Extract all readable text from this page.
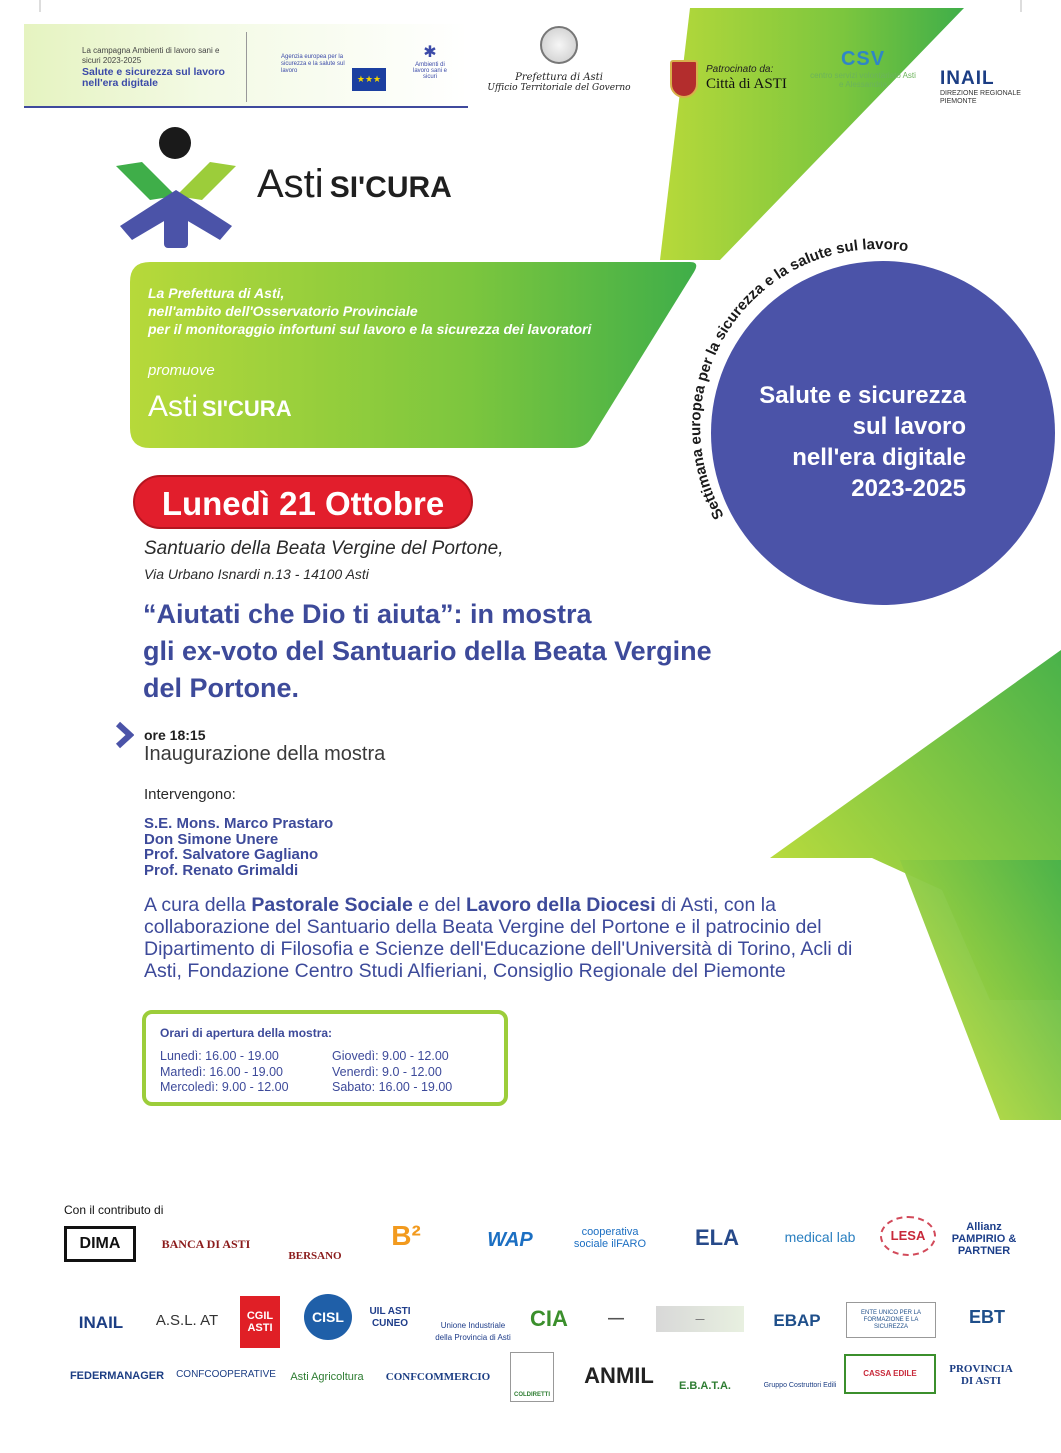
Settimana europea per la sicurezza e la salute sul lavoro
La campagna Ambienti di lavoro sani e sicuri 2023-2025
Salute e sicurezza sul lavoro nell'era digitale
Agenzia europea per la sicurezza e la salute sul lavoro
★★★
✱
Ambienti di lavoro sani e sicuri	Prefettura di Asti
Ufficio Territoriale del Governo
Patrocinato da:
Città di ASTI
CSV
centro servizi volontariato Asti e Alessandria	INAIL
DIREZIONE REGIONALE PIEMONTE
Asti SI'CURA
La Prefettura di Asti,
nell'ambito dell'Osservatorio Provinciale
per il monitoraggio infortuni sul lavoro e la sicurezza dei lavoratori
promuove
Asti SI'CURA	Salute e sicurezza
sul lavoro
nell'era digitale
2023-2025
Lunedì 21 Ottobre
Santuario della Beata Vergine del Portone,
Via Urbano Isnardi n.13 - 14100 Asti
“Aiutati che Dio ti aiuta”: in mostra
gli ex-voto del Santuario della Beata Vergine
del Portone.
ore 18:15
Inaugurazione della mostra
Intervengono:
S.E. Mons. Marco Prastaro
Don Simone Unere
Prof. Salvatore Gagliano
Prof. Renato Grimaldi
A cura della Pastorale Sociale e del Lavoro della Diocesi di Asti, con la collaborazione del Santuario della Beata Vergine del Portone e il patrocinio del Dipartimento di Filosofia e Scienze dell'Educazione dell'Università di Torino, Acli di Asti, Fondazione Centro Studi Alfieriani, Consiglio Regionale del Piemonte
Orari di apertura della mostra:
Lunedì: 16.00 - 19.00
Martedì: 16.00 - 19.00
Mercoledì: 9.00 - 12.00
Giovedì: 9.00 - 12.00
Venerdì: 9.0 - 12.00
Sabato: 16.00 - 19.00
Con il contributo di
DIMA	BANCA DI ASTI
BERSANO
B²	WAP	cooperativa sociale ilFARO	ELA	medical lab	LESA
Allianz PAMPIRIO & PARTNER
INAIL	A.S.L. AT	CGIL ASTI
CISL	UIL ASTI CUNEO	Unione Industriale della Provincia di Asti
CIA	—	—	EBAP	ENTE UNICO PER LA FORMAZIONE E LA SICUREZZA	EBT
FEDERMANAGER	CONFCOOPERATIVE	Asti Agricoltura	CONFCOMMERCIO
COLDIRETTI
ANMIL	E.B.A.T.A.	Gruppo Costruttori Edili
CASSA EDILE	PROVINCIA DI ASTI
